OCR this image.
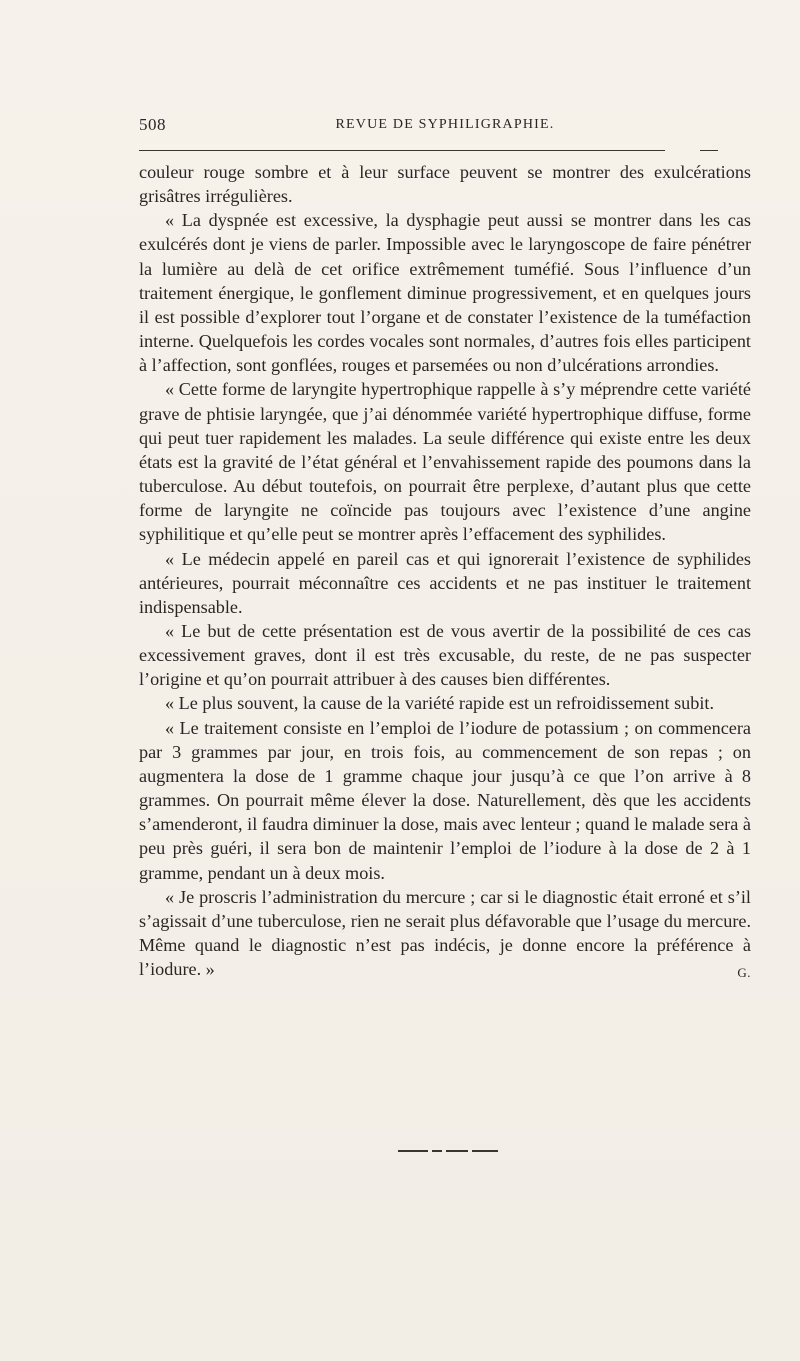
508	REVUE DE SYPHILIGRAPHIE.

couleur rouge sombre et à leur surface peuvent se montrer des exulcérations grisâtres irrégulières.

« La dyspnée est excessive, la dysphagie peut aussi se montrer dans les cas exulcérés dont je viens de parler. Impossible avec le laryngoscope de faire pénétrer la lumière au delà de cet orifice extrêmement tuméfié. Sous l’influence d’un traitement énergique, le gonflement diminue progressivement, et en quelques jours il est possible d’explorer tout l’organe et de constater l’existence de la tuméfaction interne. Quelquefois les cordes vocales sont normales, d’autres fois elles participent à l’affection, sont gonflées, rouges et parsemées ou non d’ulcérations arrondies.

« Cette forme de laryngite hypertrophique rappelle à s’y méprendre cette variété grave de phtisie laryngée, que j’ai dénommée variété hypertrophique diffuse, forme qui peut tuer rapidement les malades. La seule différence qui existe entre les deux états est la gravité de l’état général et l’envahissement rapide des poumons dans la tuberculose. Au début toutefois, on pourrait être perplexe, d’autant plus que cette forme de laryngite ne coïncide pas toujours avec l’existence d’une angine syphilitique et qu’elle peut se montrer après l’effacement des syphilides.

« Le médecin appelé en pareil cas et qui ignorerait l’existence de syphilides antérieures, pourrait méconnaître ces accidents et ne pas instituer le traitement indispensable.

« Le but de cette présentation est de vous avertir de la possibilité de ces cas excessivement graves, dont il est très excusable, du reste, de ne pas suspecter l’origine et qu’on pourrait attribuer à des causes bien différentes.

« Le plus souvent, la cause de la variété rapide est un refroidissement subit.

« Le traitement consiste en l’emploi de l’iodure de potassium ; on commencera par 3 grammes par jour, en trois fois, au commencement de son repas ; on augmentera la dose de 1 gramme chaque jour jusqu’à ce que l’on arrive à 8 grammes. On pourrait même élever la dose. Naturellement, dès que les accidents s’amenderont, il faudra diminuer la dose, mais avec lenteur ; quand le malade sera à peu près guéri, il sera bon de maintenir l’emploi de l’iodure à la dose de 2 à 1 gramme, pendant un à deux mois.

« Je proscris l’administration du mercure ; car si le diagnostic était erroné et s’il s’agissait d’une tuberculose, rien ne serait plus défavorable que l’usage du mercure. Même quand le diagnostic n’est pas indécis, je donne encore la préférence à l’iodure. »	G.
